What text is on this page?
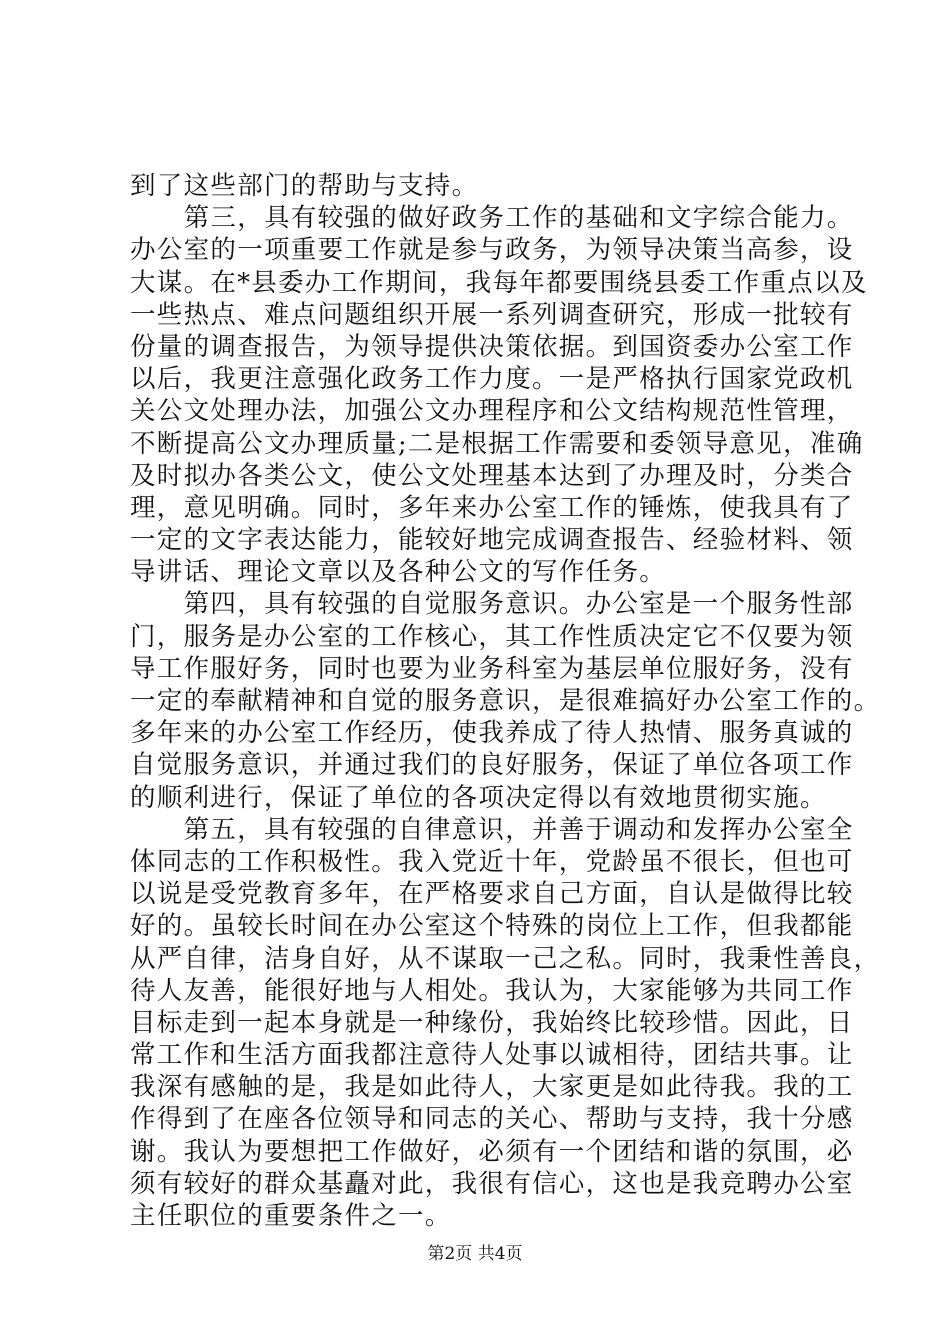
到了这些部门的帮助与支持。
　　第三，具有较强的做好政务工作的基础和文字综合能力。
办公室的一项重要工作就是参与政务，为领导决策当高参，设
大谋。在*县委办工作期间，我每年都要围绕县委工作重点以及
一些热点、难点问题组织开展一系列调查研究，形成一批较有
份量的调查报告，为领导提供决策依据。到国资委办公室工作
以后，我更注意强化政务工作力度。一是严格执行国家党政机
关公文处理办法，加强公文办理程序和公文结构规范性管理，
不断提高公文办理质量;二是根据工作需要和委领导意见，准确
及时拟办各类公文，使公文处理基本达到了办理及时，分类合
理，意见明确。同时，多年来办公室工作的锤炼，使我具有了
一定的文字表达能力，能较好地完成调查报告、经验材料、领
导讲话、理论文章以及各种公文的写作任务。
　　第四，具有较强的自觉服务意识。办公室是一个服务性部
门，服务是办公室的工作核心，其工作性质决定它不仅要为领
导工作服好务，同时也要为业务科室为基层单位服好务，没有
一定的奉献精神和自觉的服务意识，是很难搞好办公室工作的。
多年来的办公室工作经历，使我养成了待人热情、服务真诚的
自觉服务意识，并通过我们的良好服务，保证了单位各项工作
的顺利进行，保证了单位的各项决定得以有效地贯彻实施。
　　第五，具有较强的自律意识，并善于调动和发挥办公室全
体同志的工作积极性。我入党近十年，党龄虽不很长，但也可
以说是受党教育多年，在严格要求自己方面，自认是做得比较
好的。虽较长时间在办公室这个特殊的岗位上工作，但我都能
从严自律，洁身自好，从不谋取一己之私。同时，我秉性善良，
待人友善，能很好地与人相处。我认为，大家能够为共同工作
目标走到一起本身就是一种缘份，我始终比较珍惜。因此，日
常工作和生活方面我都注意待人处事以诚相待，团结共事。让
我深有感触的是，我是如此待人，大家更是如此待我。我的工
作得到了在座各位领导和同志的关心、帮助与支持，我十分感
谢。我认为要想把工作做好，必须有一个团结和谐的氛围，必
须有较好的群众基矗对此，我很有信心，这也是我竞聘办公室
主任职位的重要条件之一。
第2页 共4页
